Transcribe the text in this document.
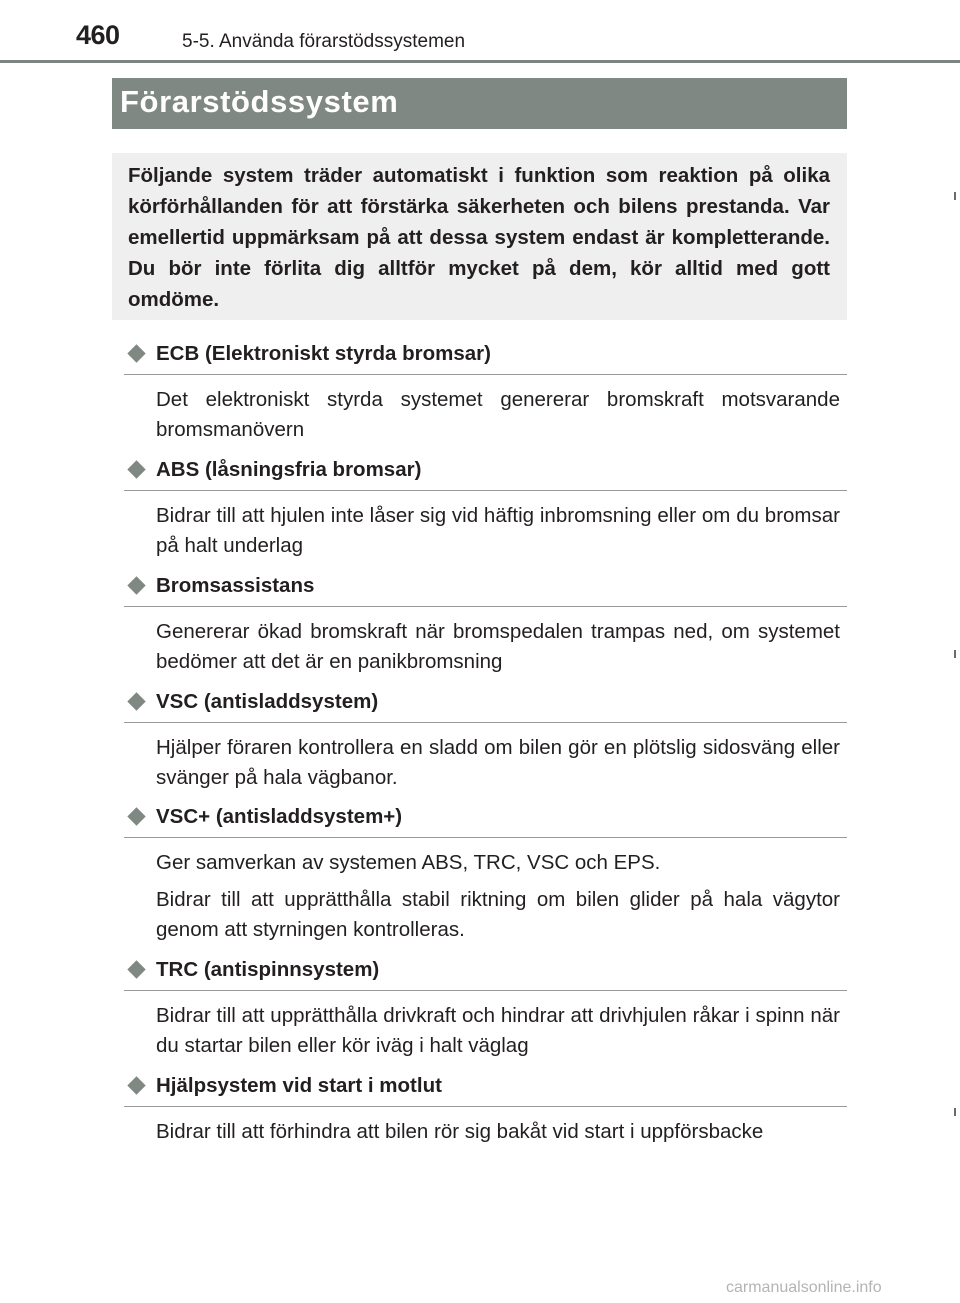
460	5-5. Använda förarstödssystemen
Förarstödssystem

Följande system träder automatiskt i funktion som reaktion på olika körförhållanden för att förstärka säkerheten och bilens prestanda. Var emellertid uppmärksam på att dessa system endast är kompletterande. Du bör inte förlita dig alltför mycket på dem, kör alltid med gott omdöme.

ECB (Elektroniskt styrda bromsar)

Det elektroniskt styrda systemet genererar bromskraft motsvarande bromsmanövern

ABS (låsningsfria bromsar)

Bidrar till att hjulen inte låser sig vid häftig inbromsning eller om du bromsar på halt underlag

Bromsassistans

Genererar ökad bromskraft när bromspedalen trampas ned, om systemet bedömer att det är en panikbromsning

VSC (antisladdsystem)

Hjälper föraren kontrollera en sladd om bilen gör en plötslig sidosväng eller svänger på hala vägbanor.

VSC+ (antisladdsystem+)

Ger samverkan av systemen ABS, TRC, VSC och EPS.

Bidrar till att upprätthålla stabil riktning om bilen glider på hala vägytor genom att styrningen kontrolleras.

TRC (antispinnsystem)

Bidrar till att upprätthålla drivkraft och hindrar att drivhjulen råkar i spinn när du startar bilen eller kör iväg i halt väglag

Hjälpsystem vid start i motlut

Bidrar till att förhindra att bilen rör sig bakåt vid start i uppförsbacke

carmanualsonline.info
